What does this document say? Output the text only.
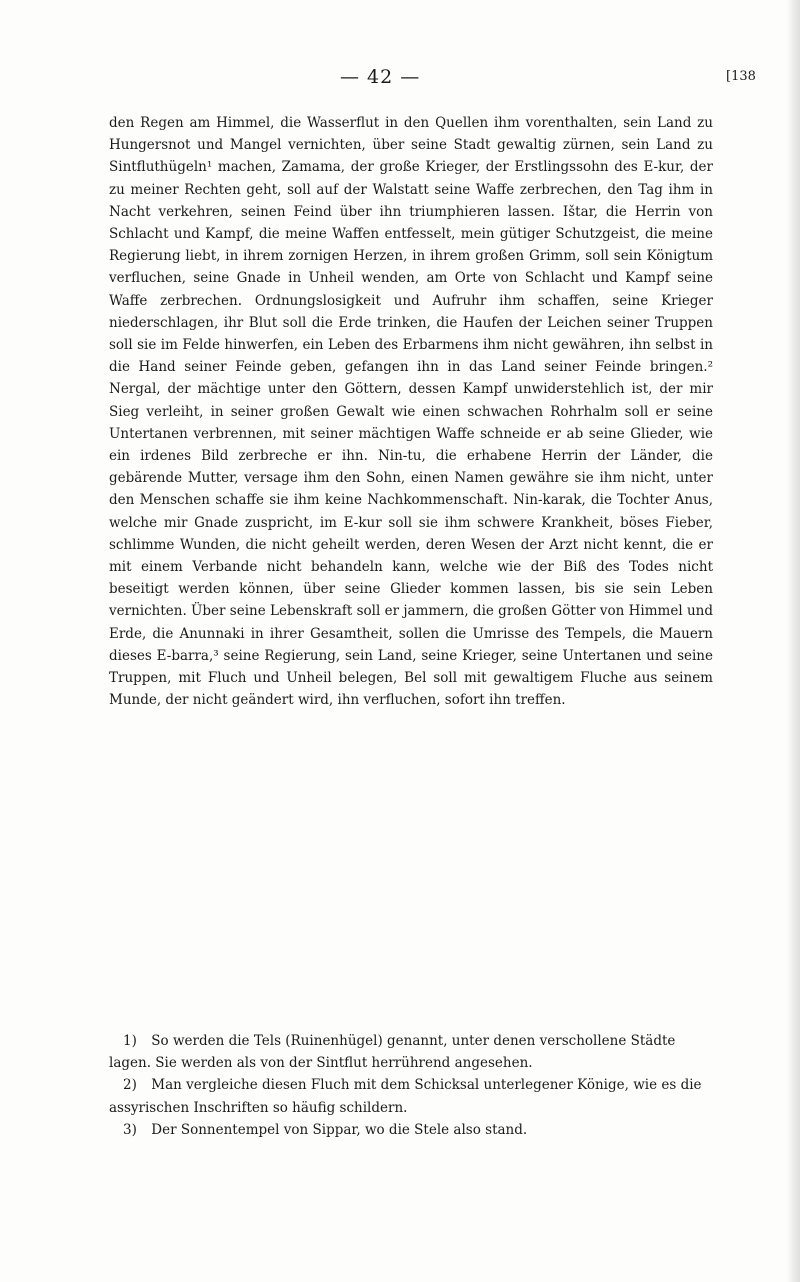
— 42 —	[138

den Regen am Himmel, die Wasserflut in den Quellen ihm vorenthalten, sein Land zu Hungersnot und Mangel vernichten, über seine Stadt gewaltig zürnen, sein Land zu Sintfluthügeln¹ machen, Zamama, der große Krieger, der Erstlingssohn des E-kur, der zu meiner Rechten geht, soll auf der Walstatt seine Waffe zerbrechen, den Tag ihm in Nacht verkehren, seinen Feind über ihn triumphieren lassen. Ištar, die Herrin von Schlacht und Kampf, die meine Waffen entfesselt, mein gütiger Schutzgeist, die meine Regierung liebt, in ihrem zornigen Herzen, in ihrem großen Grimm, soll sein Königtum verfluchen, seine Gnade in Unheil wenden, am Orte von Schlacht und Kampf seine Waffe zerbrechen. Ordnungslosigkeit und Aufruhr ihm schaffen, seine Krieger niederschlagen, ihr Blut soll die Erde trinken, die Haufen der Leichen seiner Truppen soll sie im Felde hinwerfen, ein Leben des Erbarmens ihm nicht gewähren, ihn selbst in die Hand seiner Feinde geben, gefangen ihn in das Land seiner Feinde bringen.² Nergal, der mächtige unter den Göttern, dessen Kampf unwiderstehlich ist, der mir Sieg verleiht, in seiner großen Gewalt wie einen schwachen Rohrhalm soll er seine Untertanen verbrennen, mit seiner mächtigen Waffe schneide er ab seine Glieder, wie ein irdenes Bild zerbreche er ihn. Nin-tu, die erhabene Herrin der Länder, die gebärende Mutter, versage ihm den Sohn, einen Namen gewähre sie ihm nicht, unter den Menschen schaffe sie ihm keine Nachkommenschaft. Nin-karak, die Tochter Anus, welche mir Gnade zuspricht, im E-kur soll sie ihm schwere Krankheit, böses Fieber, schlimme Wunden, die nicht geheilt werden, deren Wesen der Arzt nicht kennt, die er mit einem Verbande nicht behandeln kann, welche wie der Biß des Todes nicht beseitigt werden können, über seine Glieder kommen lassen, bis sie sein Leben vernichten. Über seine Lebenskraft soll er jammern, die großen Götter von Himmel und Erde, die Anunnaki in ihrer Gesamtheit, sollen die Umrisse des Tempels, die Mauern dieses E-barra,³ seine Regierung, sein Land, seine Krieger, seine Untertanen und seine Truppen, mit Fluch und Unheil belegen, Bel soll mit gewaltigem Fluche aus seinem Munde, der nicht geändert wird, ihn verfluchen, sofort ihn treffen.

1) So werden die Tels (Ruinenhügel) genannt, unter denen verschollene Städte lagen. Sie werden als von der Sintflut herrührend angesehen.

2) Man vergleiche diesen Fluch mit dem Schicksal unterlegener Könige, wie es die assyrischen Inschriften so häufig schildern.

3) Der Sonnentempel von Sippar, wo die Stele also stand.
